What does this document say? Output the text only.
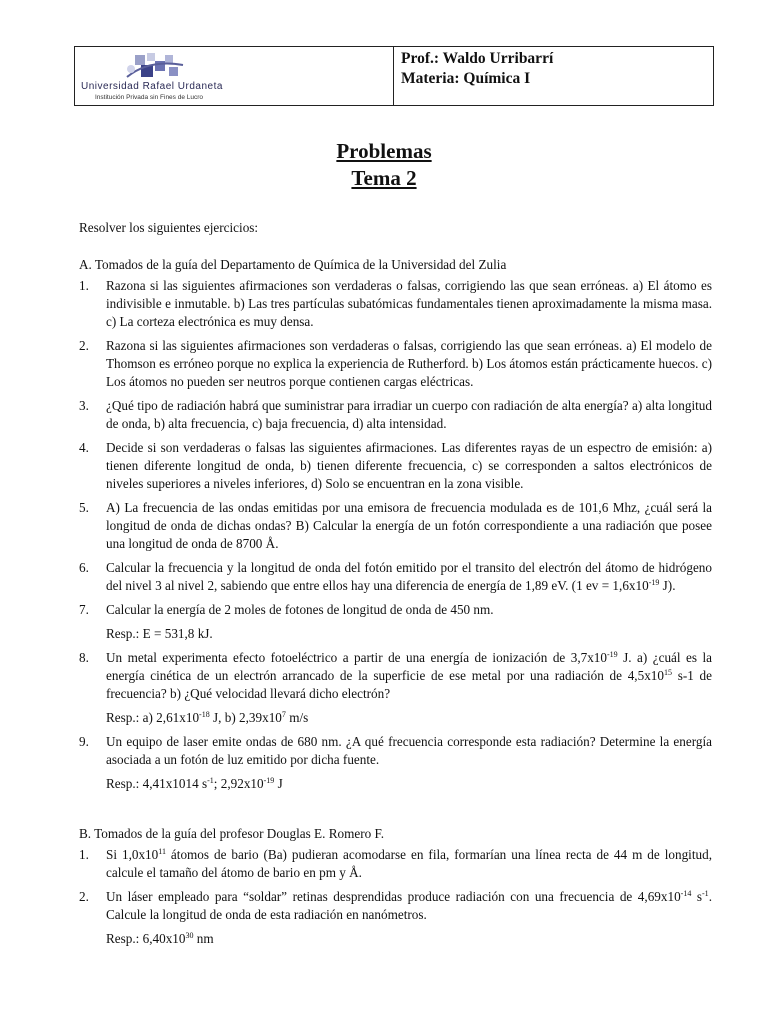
Universidad Rafael Urdaneta
Institución Privada sin Fines de Lucro
Prof.: Waldo Urribarrí
Materia: Química I
Problemas
Tema 2

Resolver los siguientes ejercicios:

A. Tomados de la guía del Departamento de Química de la Universidad del Zulia

1. Razona si las siguientes afirmaciones son verdaderas o falsas, corrigiendo las que sean erróneas. a) El átomo es indivisible e inmutable. b) Las tres partículas subatómicas fundamentales tienen aproximadamente la misma masa. c) La corteza electrónica es muy densa.
2. Razona si las siguientes afirmaciones son verdaderas o falsas, corrigiendo las que sean erróneas. a) El modelo de Thomson es erróneo porque no explica la experiencia de Rutherford. b) Los átomos están prácticamente huecos. c) Los átomos no pueden ser neutros porque contienen cargas eléctricas.
3. ¿Qué tipo de radiación habrá que suministrar para irradiar un cuerpo con radiación de alta energía? a) alta longitud de onda, b) alta frecuencia, c) baja frecuencia, d) alta intensidad.
4. Decide si son verdaderas o falsas las siguientes afirmaciones. Las diferentes rayas de un espectro de emisión: a) tienen diferente longitud de onda, b) tienen diferente frecuencia, c) se corresponden a saltos electrónicos de niveles superiores a niveles inferiores, d) Solo se encuentran en la zona visible.
5. A) La frecuencia de las ondas emitidas por una emisora de frecuencia modulada es de 101,6 Mhz, ¿cuál será la longitud de onda de dichas ondas? B) Calcular la energía de un fotón correspondiente a una radiación que posee una longitud de onda de 8700 Å.
6. Calcular la frecuencia y la longitud de onda del fotón emitido por el transito del electrón del átomo de hidrógeno del nivel 3 al nivel 2, sabiendo que entre ellos hay una diferencia de energía de 1,89 eV. (1 ev = $1,6x10^{-19}$ J).
7. Calcular la energía de 2 moles de fotones de longitud de onda de 450 nm.

Resp.: E = 531,8 kJ.

8. Un metal experimenta efecto fotoeléctrico a partir de una energía de ionización de $3,7x10^{-19}$ J. a) ¿cuál es la energía cinética de un electrón arrancado de la superficie de ese metal por una radiación de $4,5x10^{15}$ s-1 de frecuencia? b) ¿Qué velocidad llevará dicho electrón?

Resp.: a) $2,61x10^{-18}$ J, b) $2,39x10^7$ m/s

9. Un equipo de laser emite ondas de 680 nm. ¿A qué frecuencia corresponde esta radiación? Determine la energía asociada a un fotón de luz emitido por dicha fuente.

Resp.: 4,41x1014 $s^{-1}$; $2,92x10^{-19}$ J

B. Tomados de la guía del profesor Douglas E. Romero F.

1. Si $1,0x10^{11}$ átomos de bario (Ba) pudieran acomodarse en fila, formarían una línea recta de 44 m de longitud, calcule el tamaño del átomo de bario en pm y Å.
2. Un láser empleado para “soldar” retinas desprendidas produce radiación con una frecuencia de $4,69x10^{-14}$ $s^{-1}$. Calcule la longitud de onda de esta radiación en nanómetros.

Resp.: $6,40x10^{30}$ nm
